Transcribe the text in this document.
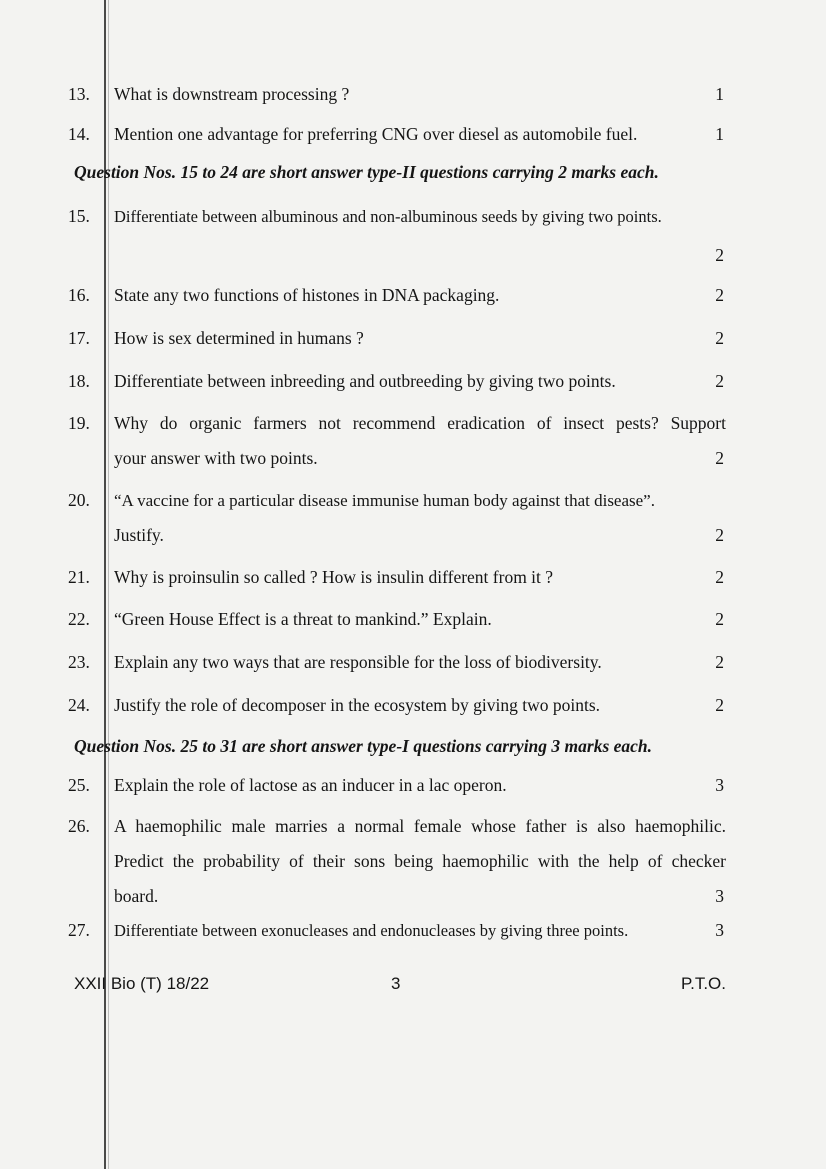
13.	What is downstream processing ?	1
14.	Mention one advantage for preferring CNG over diesel as automobile fuel.	1
Question Nos. 15 to 24 are short answer type-II questions carrying 2 marks each.
15.	Differentiate between albuminous and non-albuminous seeds by giving two points.
2
16.	State any two functions of histones in DNA packaging.	2
17.	How is sex determined in humans ?	2
18.	Differentiate between inbreeding and outbreeding by giving two points.	2
19.	Why do organic farmers not recommend eradication of insect pests? Support
your answer with two points.	2
20.	“A vaccine for a particular disease immunise human body against that disease”.
Justify.	2
21.	Why is proinsulin so called ? How is insulin different from it ?	2
22.	“Green House Effect is a threat to mankind.” Explain.	2
23.	Explain any two ways that are responsible for the loss of biodiversity.	2
24.	Justify the role of decomposer in the ecosystem by giving two points.	2
Question Nos. 25 to 31 are short answer type-I questions carrying 3 marks each.
25.	Explain the role of lactose as an inducer in a lac operon.	3
26.	A haemophilic male marries a normal female whose father is also haemophilic.
Predict the probability of their sons being haemophilic with the help of checker
board.	3
27.	Differentiate between exonucleases and endonucleases by giving three points.	3
XXII Bio (T) 18/22	3	P.T.O.
